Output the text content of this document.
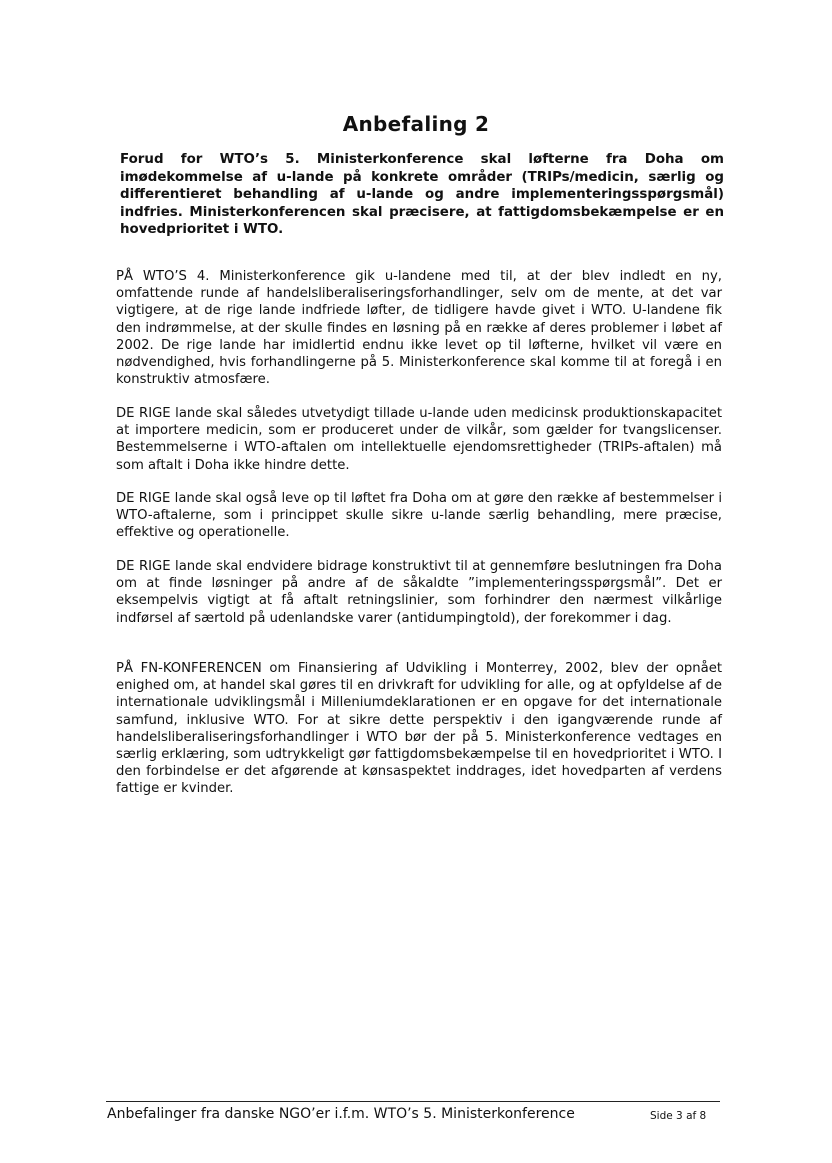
Anbefaling 2
Forud for WTO’s 5. Ministerkonference skal løfterne fra Doha om imødekommelse af u-lande på konkrete områder (TRIPs/medicin, særlig og differentieret behandling af u-lande og andre implementeringsspørgsmål) indfries. Ministerkonferencen skal præcisere, at fattigdomsbekæmpelse er en hovedprioritet i WTO.
PÅ WTO’S 4. Ministerkonference gik u-landene med til, at der blev indledt en ny, omfattende runde af handelsliberaliseringsforhandlinger, selv om de mente, at det var vigtigere, at de rige lande indfriede løfter, de tidligere havde givet i WTO. U-landene fik den indrømmelse, at der skulle findes en løsning på en række af deres problemer i løbet af 2002. De rige lande har imidlertid endnu ikke levet op til løfterne, hvilket vil være en nødvendighed, hvis forhandlingerne på 5. Ministerkonference skal komme til at foregå i en konstruktiv atmosfære.
DE RIGE lande skal således utvetydigt tillade u-lande uden medicinsk produktionskapacitet at importere medicin, som er produceret under de vilkår, som gælder for tvangslicenser. Bestemmelserne i WTO-aftalen om intellektuelle ejendomsrettigheder (TRIPs-aftalen) må som aftalt i Doha ikke hindre dette.
DE RIGE lande skal også leve op til løftet fra Doha om at gøre den række af bestemmelser i WTO-aftalerne, som i princippet skulle sikre u-lande særlig behandling, mere præcise, effektive og operationelle.
DE RIGE lande skal endvidere bidrage konstruktivt til at gennemføre beslutningen fra Doha om at finde løsninger på andre af de såkaldte ”implementeringsspørgsmål”. Det er eksempelvis vigtigt at få aftalt retningslinier, som forhindrer den nærmest vilkårlige indførsel af særtold på udenlandske varer (antidumpingtold), der forekommer i dag.
PÅ FN-KONFERENCEN om Finansiering af Udvikling i Monterrey, 2002, blev der opnået enighed om, at handel skal gøres til en drivkraft for udvikling for alle, og at opfyldelse af de internationale udviklingsmål i Milleniumdeklarationen er en opgave for det internationale samfund, inklusive WTO. For at sikre dette perspektiv i den igangværende runde af handelsliberaliseringsforhandlinger i WTO bør der på 5. Ministerkonference vedtages en særlig erklæring, som udtrykkeligt gør fattigdomsbekæmpelse til en hovedprioritet i WTO. I den forbindelse er det afgørende at kønsaspektet inddrages, idet hovedparten af verdens fattige er kvinder.
Anbefalinger fra danske NGO’er i.f.m. WTO’s 5. Ministerkonference	Side 3 af 8
